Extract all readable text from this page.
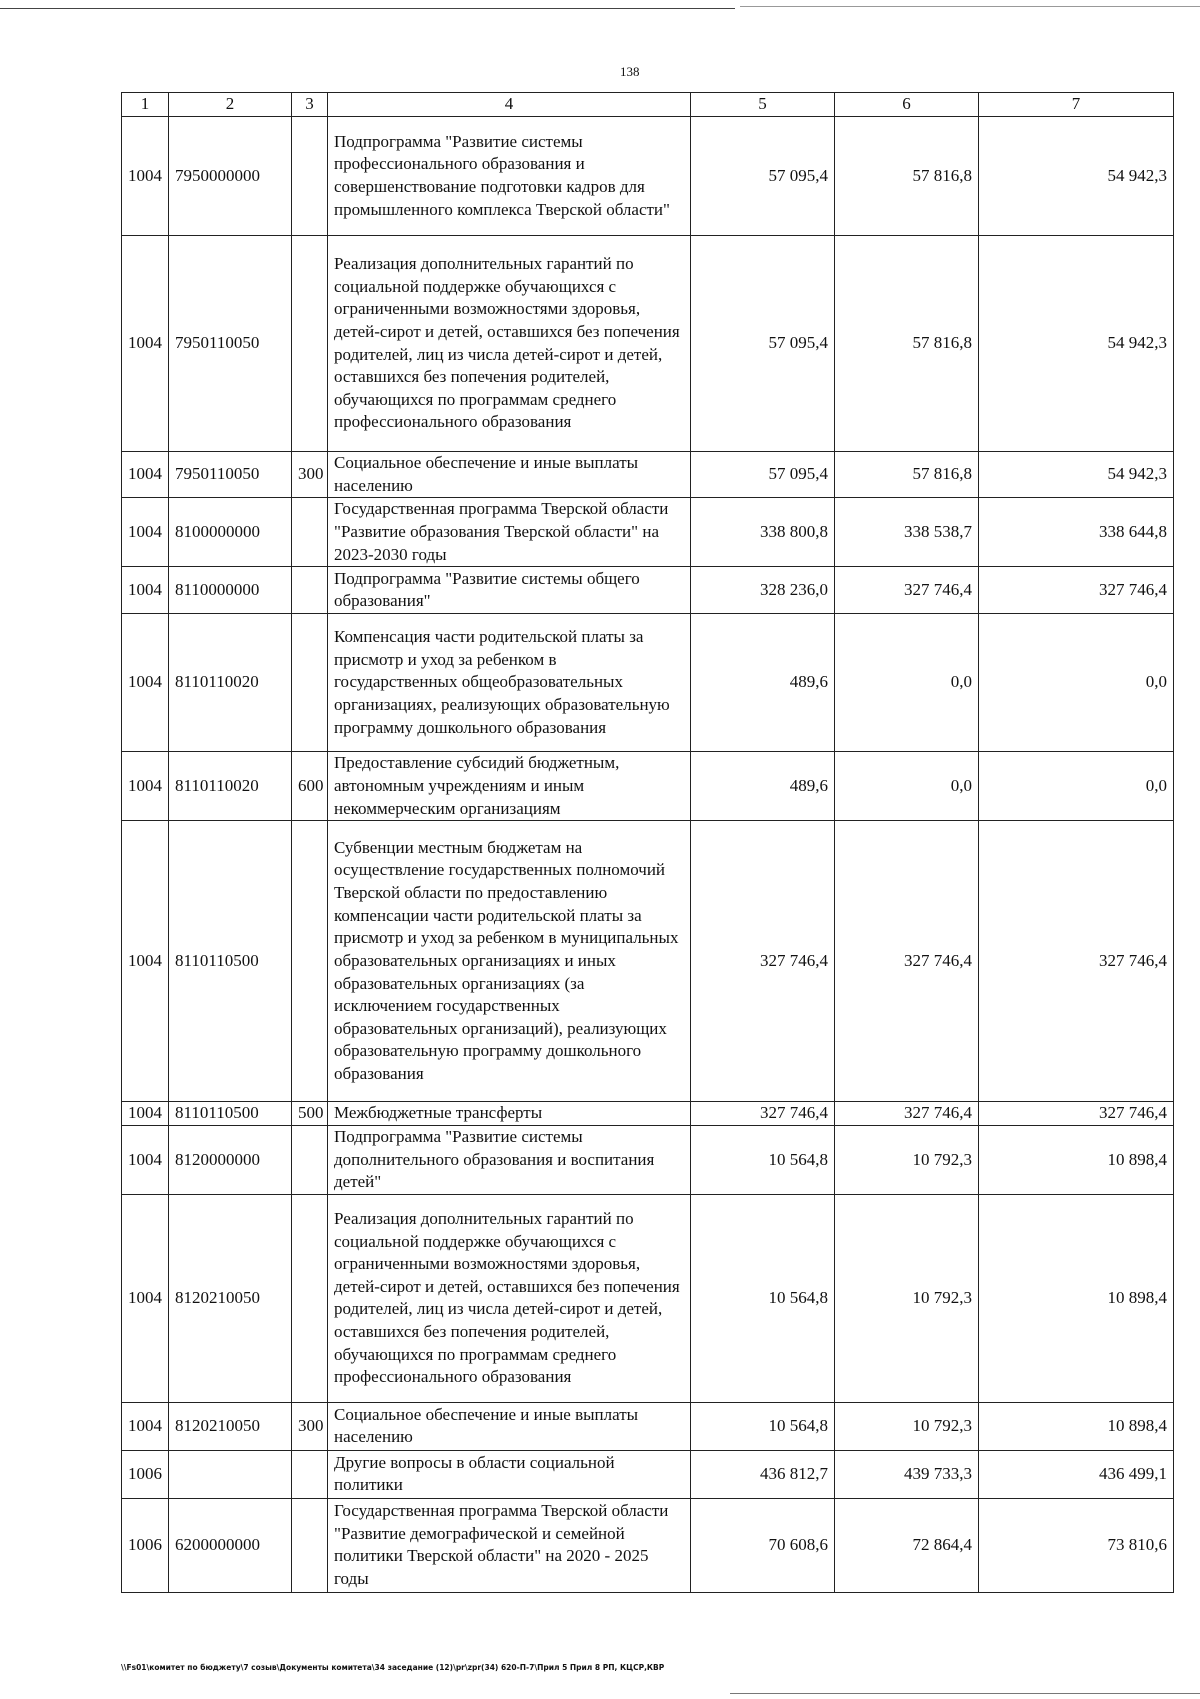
138
1	2	3	4	5	6	7
1004	7950000000		Подпрограмма "Развитие системы профессионального образования и совершенствование подготовки кадров для промышленного комплекса Тверской области"	57 095,4	57 816,8	54 942,3
1004	7950110050		Реализация дополнительных гарантий по социальной поддержке обучающихся с ограниченными возможностями здоровья, детей-сирот и детей, оставшихся без попечения родителей, лиц из числа детей-сирот и детей, оставшихся без попечения родителей, обучающихся по программам среднего профессионального образования	57 095,4	57 816,8	54 942,3
1004	7950110050	300	Социальное обеспечение и иные выплаты населению	57 095,4	57 816,8	54 942,3
1004	8100000000		Государственная программа Тверской области "Развитие образования Тверской области" на 2023-2030 годы	338 800,8	338 538,7	338 644,8
1004	8110000000		Подпрограмма "Развитие системы общего образования"	328 236,0	327 746,4	327 746,4
1004	8110110020		Компенсация части родительской платы за присмотр и уход за ребенком в государственных общеобразовательных организациях, реализующих образовательную программу дошкольного образования	489,6	0,0	0,0
1004	8110110020	600	Предоставление субсидий бюджетным, автономным учреждениям и иным некоммерческим организациям	489,6	0,0	0,0
1004	8110110500		Субвенции местным бюджетам на осуществление государственных полномочий Тверской области по предоставлению компенсации части родительской платы за присмотр и уход за ребенком в муниципальных образовательных организациях и иных образовательных организациях (за исключением государственных образовательных организаций), реализующих образовательную программу дошкольного образования	327 746,4	327 746,4	327 746,4
1004	8110110500	500	Межбюджетные трансферты	327 746,4	327 746,4	327 746,4
1004	8120000000		Подпрограмма "Развитие системы дополнительного образования и воспитания детей"	10 564,8	10 792,3	10 898,4
1004	8120210050		Реализация дополнительных гарантий по социальной поддержке обучающихся с ограниченными возможностями здоровья, детей-сирот и детей, оставшихся без попечения родителей, лиц из числа детей-сирот и детей, оставшихся без попечения родителей, обучающихся по программам среднего профессионального образования	10 564,8	10 792,3	10 898,4
1004	8120210050	300	Социальное обеспечение и иные выплаты населению	10 564,8	10 792,3	10 898,4
1006			Другие вопросы в области социальной политики	436 812,7	439 733,3	436 499,1
1006	6200000000		Государственная программа Тверской области "Развитие демографической и семейной политики Тверской области" на 2020 - 2025 годы	70 608,6	72 864,4	73 810,6
\\Fs01\комитет по бюджету\7 созыв\Документы комитета\34 заседание (12)\pr\zpr(34) 620-П-7\Прил 5 Прил 8 РП, КЦСР,КВР
